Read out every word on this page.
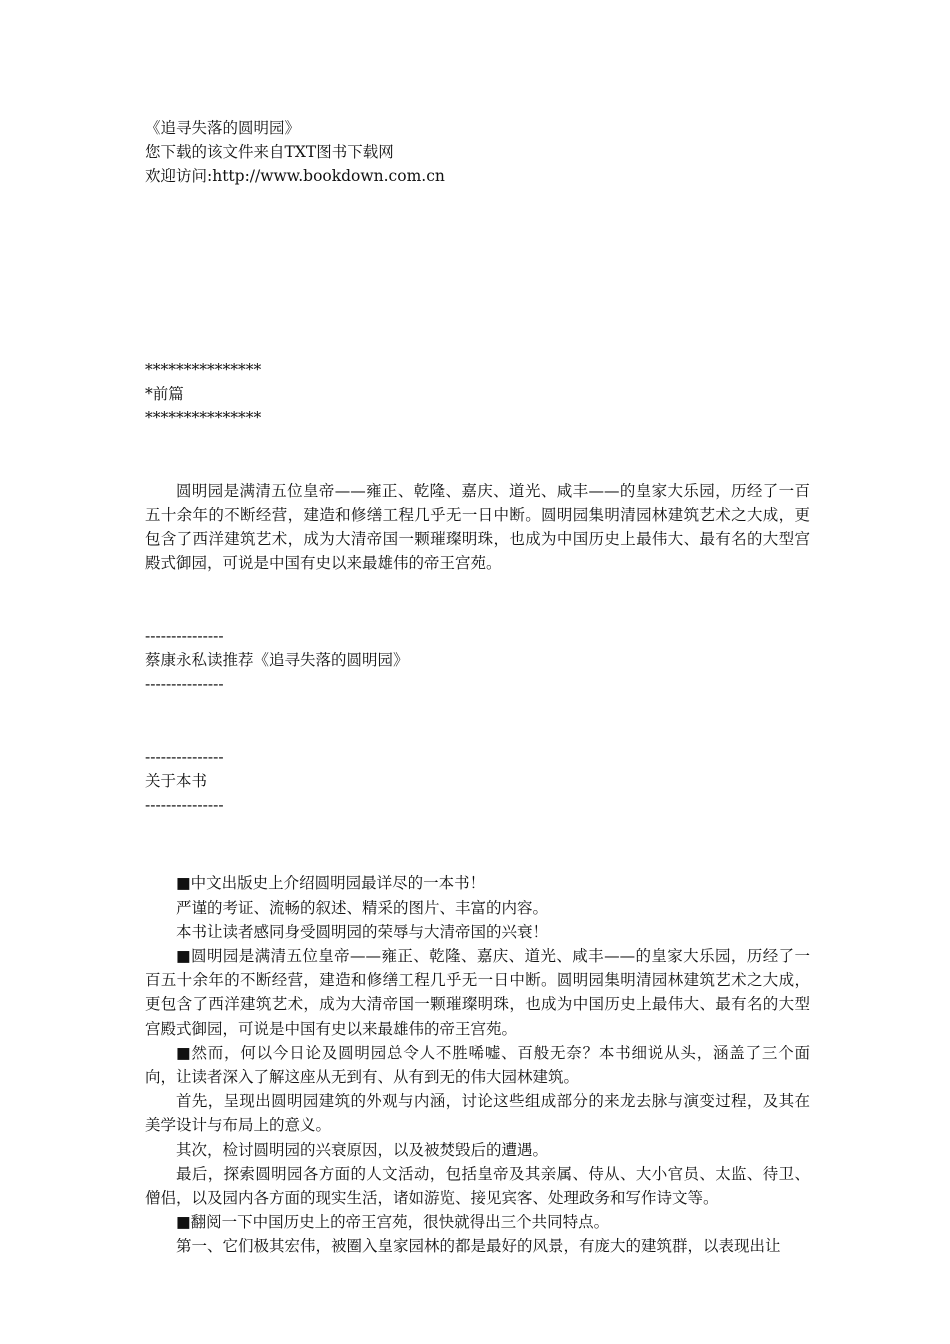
《追寻失落的圆明园》
您下载的该文件来自TXT图书下载网
欢迎访问:http://www.bookdown.com.cn
***************
*前篇
***************

圆明园是满清五位皇帝——雍正、乾隆、嘉庆、道光、咸丰——的皇家大乐园，历经了一百五十余年的不断经营，建造和修缮工程几乎无一日中断。圆明园集明清园林建筑艺术之大成，更包含了西洋建筑艺术，成为大清帝国一颗璀璨明珠，也成为中国历史上最伟大、最有名的大型宫殿式御园，可说是中国有史以来最雄伟的帝王宫苑。

---------------
蔡康永私读推荐《追寻失落的圆明园》
---------------
---------------
关于本书
---------------

■中文出版史上介绍圆明园最详尽的一本书！

严谨的考证、流畅的叙述、精采的图片、丰富的内容。

本书让读者感同身受圆明园的荣辱与大清帝国的兴衰！

■圆明园是满清五位皇帝——雍正、乾隆、嘉庆、道光、咸丰——的皇家大乐园，历经了一百五十余年的不断经营，建造和修缮工程几乎无一日中断。圆明园集明清园林建筑艺术之大成，更包含了西洋建筑艺术，成为大清帝国一颗璀璨明珠，也成为中国历史上最伟大、最有名的大型宫殿式御园，可说是中国有史以来最雄伟的帝王宫苑。

■然而，何以今日论及圆明园总令人不胜唏嘘、百般无奈？本书细说从头，涵盖了三个面向，让读者深入了解这座从无到有、从有到无的伟大园林建筑。

首先，呈现出圆明园建筑的外观与内涵，讨论这些组成部分的来龙去脉与演变过程，及其在美学设计与布局上的意义。

其次，检讨圆明园的兴衰原因，以及被焚毁后的遭遇。

最后，探索圆明园各方面的人文活动，包括皇帝及其亲属、侍从、大小官员、太监、待卫、僧侣，以及园内各方面的现实生活，诸如游览、接见宾客、处理政务和写作诗文等。

■翻阅一下中国历史上的帝王宫苑，很快就得出三个共同特点。

第一、它们极其宏伟，被圈入皇家园林的都是最好的风景，有庞大的建筑群，以表现出让
